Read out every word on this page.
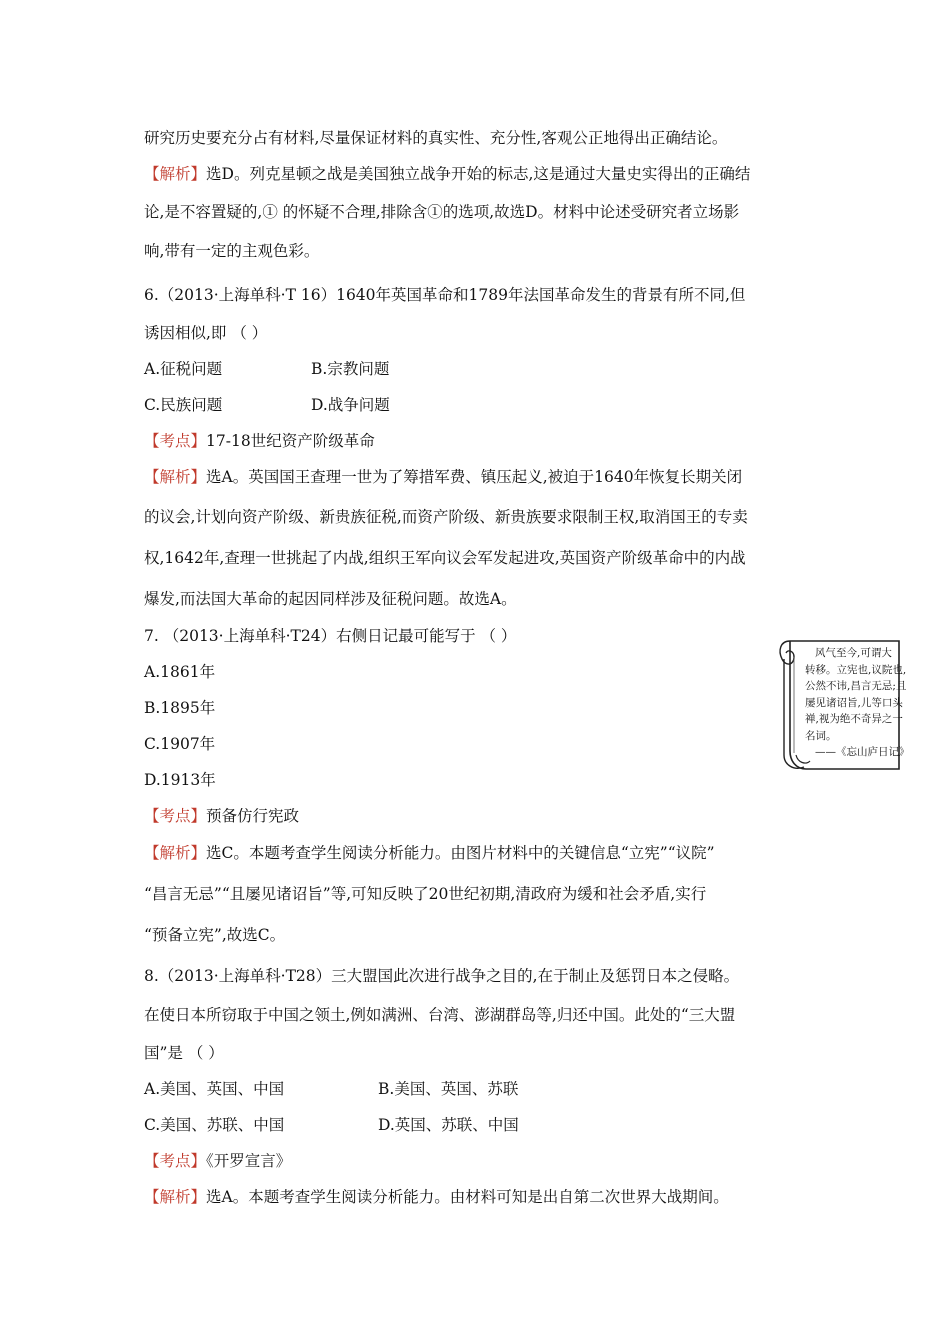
研究历史要充分占有材料,尽量保证材料的真实性、充分性,客观公正地得出正确结论。
【解析】选D。列克星顿之战是美国独立战争开始的标志,这是通过大量史实得出的正确结
论,是不容置疑的,① 的怀疑不合理,排除含①的选项,故选D。材料中论述受研究者立场影
响,带有一定的主观色彩。
6.（2013·上海单科·T 16）1640年英国革命和1789年法国革命发生的背景有所不同,但
诱因相似,即 （ ）
A.征税问题	B.宗教问题
C.民族问题	D.战争问题
【考点】17-18世纪资产阶级革命
【解析】选A。英国国王查理一世为了筹措军费、镇压起义,被迫于1640年恢复长期关闭
的议会,计划向资产阶级、新贵族征税,而资产阶级、新贵族要求限制王权,取消国王的专卖
权,1642年,查理一世挑起了内战,组织王军向议会军发起进攻,英国资产阶级革命中的内战
爆发,而法国大革命的起因同样涉及征税问题。故选A。
7. （2013·上海单科·T24）右侧日记最可能写于 （ ）
A.1861年
B.1895年
C.1907年
D.1913年
风气至今,可谓大
转移。立宪也,议院也,
公然不讳,昌言无忌;且
屡见诸诏旨,儿等口头
禅,视为绝不奇异之一
名词。
——《忘山庐日记》
【考点】预备仿行宪政
【解析】选C。本题考查学生阅读分析能力。由图片材料中的关键信息“立宪”“议院”
“昌言无忌”“且屡见诸诏旨”等,可知反映了20世纪初期,清政府为缓和社会矛盾,实行
“预备立宪”,故选C。
8.（2013·上海单科·T28）三大盟国此次进行战争之目的,在于制止及惩罚日本之侵略。
在使日本所窃取于中国之领土,例如满洲、台湾、澎湖群岛等,归还中国。此处的“三大盟
国”是 （ ）
A.美国、英国、中国	B.美国、英国、苏联
C.美国、苏联、中国	D.英国、苏联、中国
【考点】《开罗宣言》
【解析】选A。本题考查学生阅读分析能力。由材料可知是出自第二次世界大战期间。
